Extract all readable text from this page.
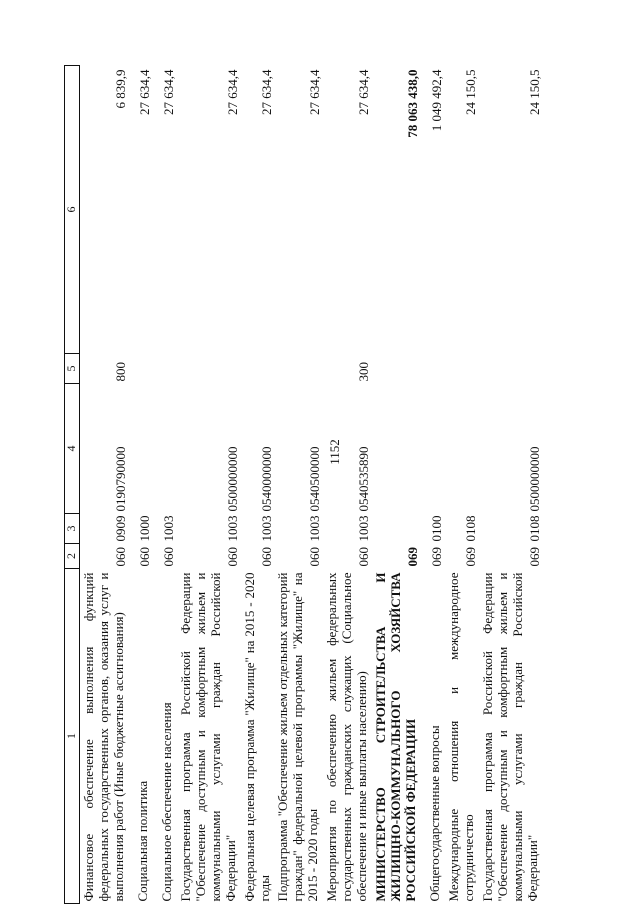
1152
1	2	3	4	5	6
Финансовое обеспечение выполнения функций федеральных государственных органов, оказания услуг и выполнения работ (Иные бюджетные ассигнования)	060	0909	0190790000	800	6 839,9
Социальная политика	060	1000			27 634,4
Социальное обеспечение населения	060	1003			27 634,4
Государственная программа Российской Федерации "Обеспечение доступным и комфортным жильем и коммунальными услугами граждан Российской Федерации"	060	1003	0500000000		27 634,4
Федеральная целевая программа "Жилище" на 2015 - 2020 годы	060	1003	0540000000		27 634,4
Подпрограмма "Обеспечение жильем отдельных категорий граждан" федеральной целевой программы "Жилище" на 2015 - 2020 годы	060	1003	0540500000		27 634,4
Мероприятия по обеспечению жильем федеральных государственных гражданских служащих (Социальное обеспечение и иные выплаты населению)	060	1003	0540535890	300	27 634,4
МИНИСТЕРСТВО СТРОИТЕЛЬСТВА И ЖИЛИЩНО-КОММУНАЛЬНОГО ХОЗЯЙСТВА РОССИЙСКОЙ ФЕДЕРАЦИИ	069				78 063 438,0
Общегосударственные вопросы	069	0100			1 049 492,4
Международные отношения и международное сотрудничество	069	0108			24 150,5
Государственная программа Российской Федерации "Обеспечение доступным и комфортным жильем и коммунальными услугами граждан Российской Федерации"	069	0108	0500000000		24 150,5
